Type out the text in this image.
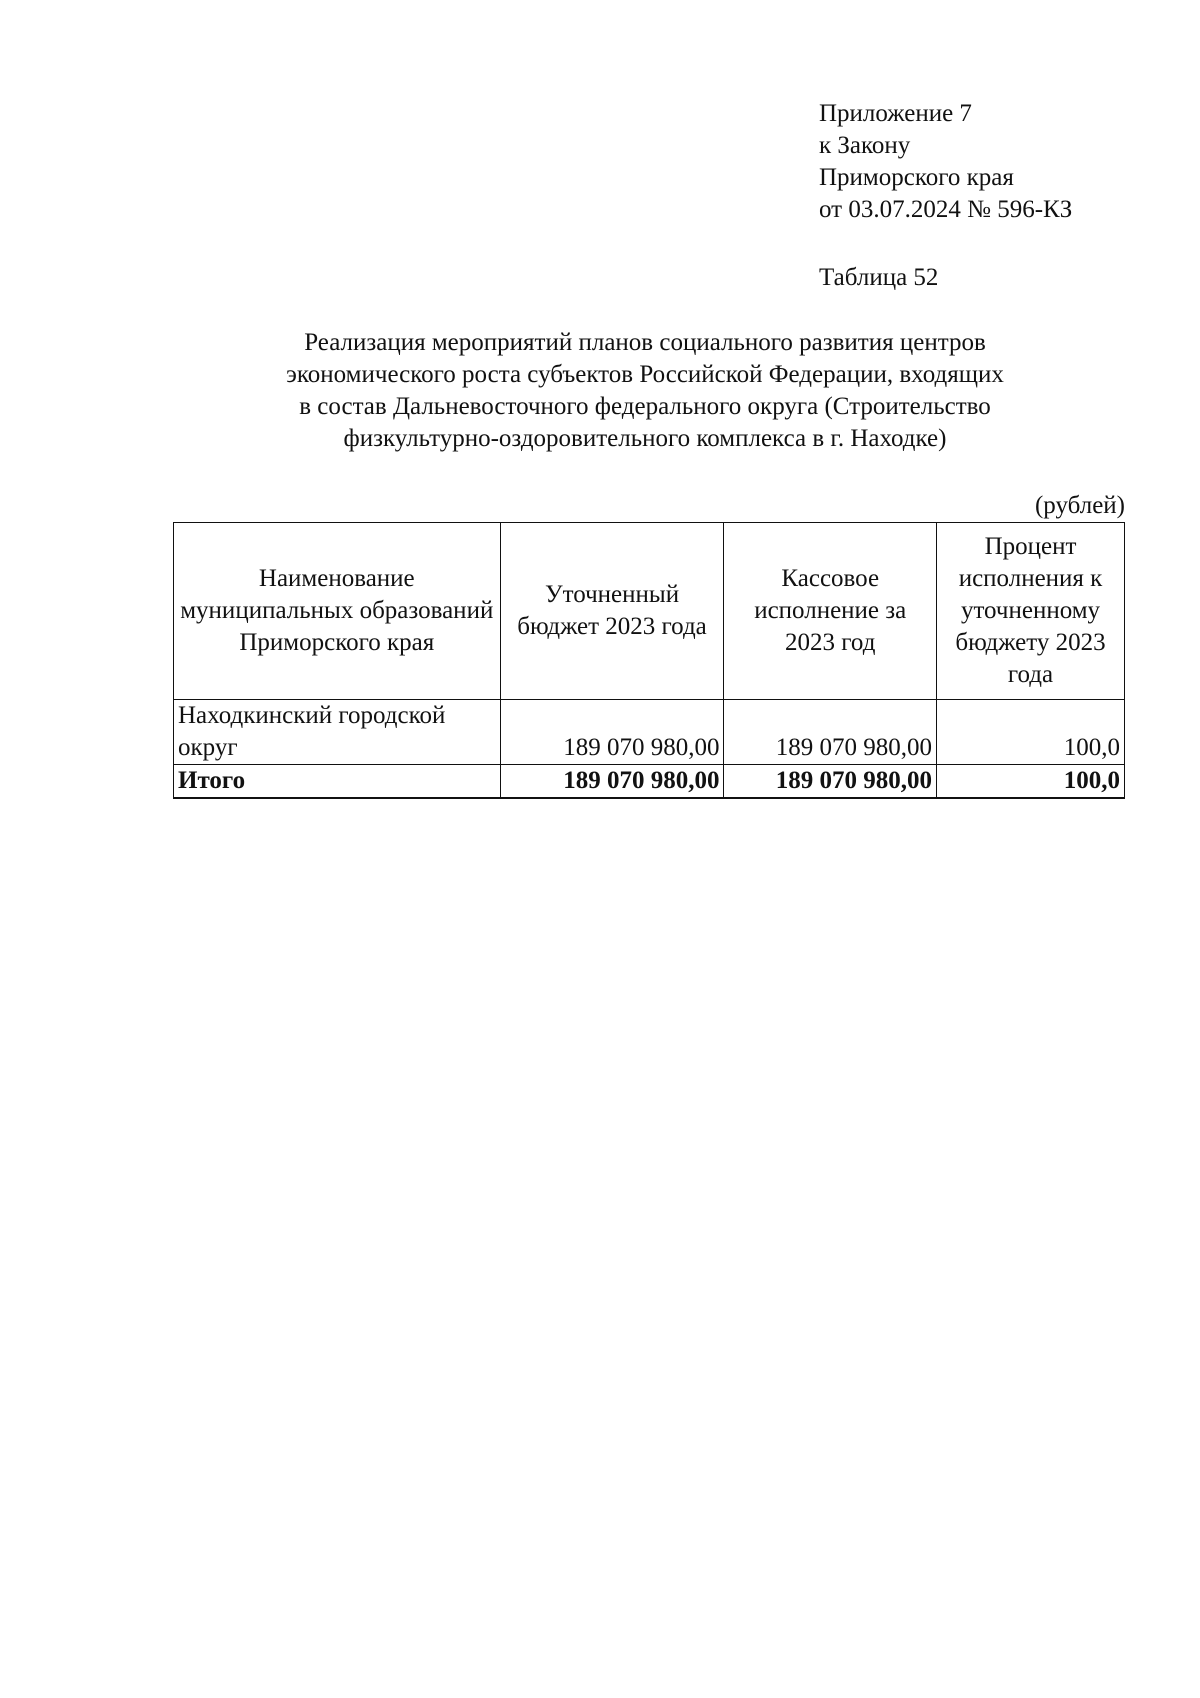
Приложение 7
к Закону
Приморского края
от 03.07.2024 № 596-КЗ
Таблица 52
Реализация мероприятий планов социального развития центров
экономического роста субъектов Российской Федерации, входящих
в состав Дальневосточного федерального округа (Строительство
физкультурно-оздоровительного комплекса в г. Находке)
(рублей)
Наименование муниципальных образований Приморского края	Уточненный бюджет 2023 года	Кассовое исполнение за 2023 год	Процент исполнения к уточненному бюджету 2023 года
Находкинский городской округ	189 070 980,00	189 070 980,00	100,0
Итого	189 070 980,00	189 070 980,00	100,0
